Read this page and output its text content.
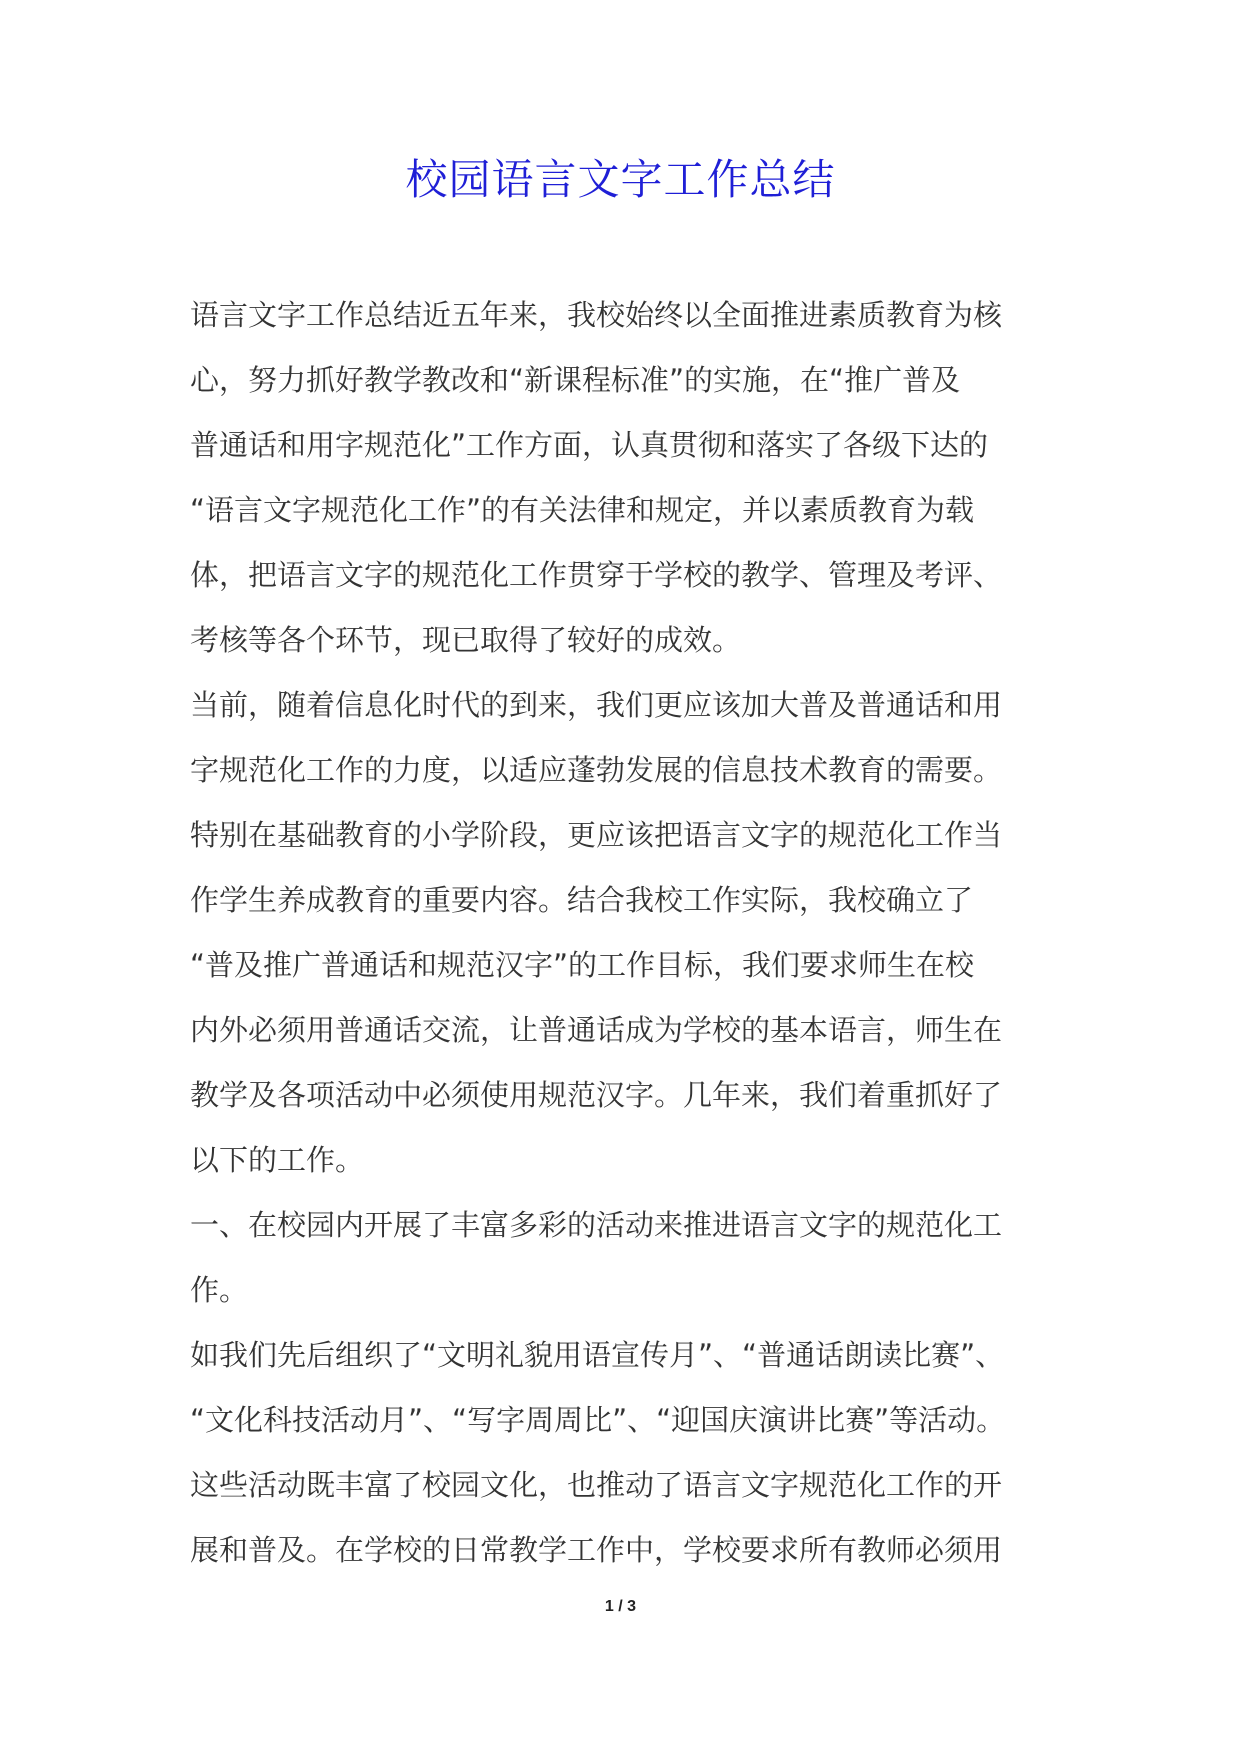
校园语言文字工作总结
语言文字工作总结近五年来，我校始终以全面推进素质教育为核
心，努力抓好教学教改和“新课程标准”的实施，在“推广普及
普通话和用字规范化”工作方面，认真贯彻和落实了各级下达的
“语言文字规范化工作”的有关法律和规定，并以素质教育为载
体，把语言文字的规范化工作贯穿于学校的教学、管理及考评、
考核等各个环节，现已取得了较好的成效。
当前，随着信息化时代的到来，我们更应该加大普及普通话和用
字规范化工作的力度，以适应蓬勃发展的信息技术教育的需要。
特别在基础教育的小学阶段，更应该把语言文字的规范化工作当
作学生养成教育的重要内容。结合我校工作实际，我校确立了
“普及推广普通话和规范汉字”的工作目标，我们要求师生在校
内外必须用普通话交流，让普通话成为学校的基本语言，师生在
教学及各项活动中必须使用规范汉字。几年来，我们着重抓好了
以下的工作。
一、在校园内开展了丰富多彩的活动来推进语言文字的规范化工
作。
如我们先后组织了“文明礼貌用语宣传月”、“普通话朗读比赛”、
“文化科技活动月”、“写字周周比”、“迎国庆演讲比赛”等活动。
这些活动既丰富了校园文化，也推动了语言文字规范化工作的开
展和普及。在学校的日常教学工作中，学校要求所有教师必须用
1 / 3
